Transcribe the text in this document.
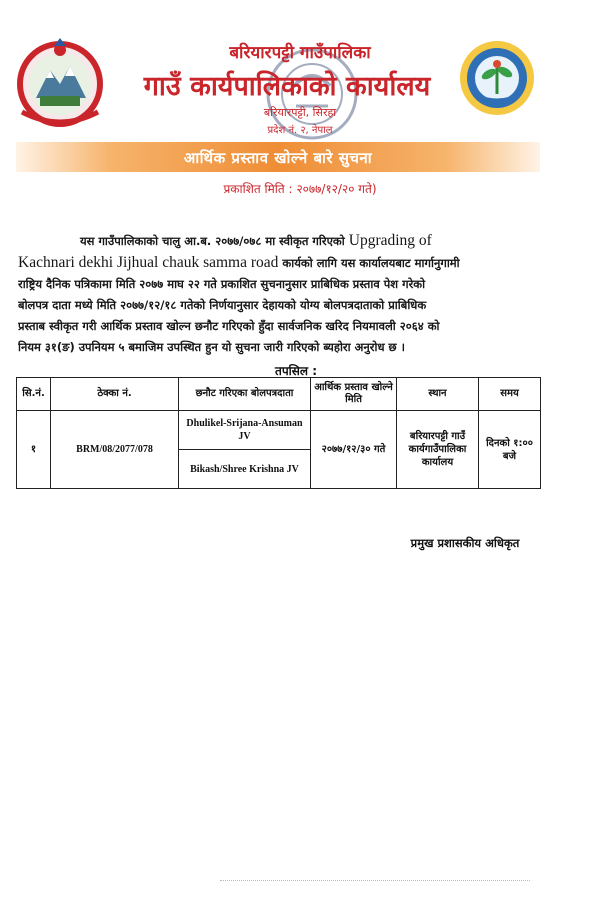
बरियारपट्टी गाउँपालिका
गाउँ कार्यपालिकाको कार्यालय
बरियारपट्टी, सिरहा
प्रदेश नं. २, नेपाल
आर्थिक प्रस्ताव खोल्ने बारे सुचना
प्रकाशित मिति : २०७७/१२/२० गते)
यस गाउँपालिकाको चालु आ.ब. २०७७/०७८ मा स्वीकृत गरिएको Upgrading of
Kachnari dekhi Jijhual chauk samma road कार्यको लागि यस कार्यालयबाट मार्गानुगामी
राष्ट्रिय दैनिक पत्रिकामा मिति २०७७ माघ २२ गते प्रकाशित सुचनानुसार प्राबिधिक प्रस्ताव पेश गरेको
बोलपत्र दाता मध्ये मिति २०७७/१२/१८ गतेको निर्णयानुसार देहायको योग्य बोलपत्रदाताको प्राबिधिक
प्रस्ताब स्वीकृत गरी आर्थिक प्रस्ताव खोल्न छनौट गरिएको हुँदा सार्वजनिक खरिद नियमावली २०६४ को
नियम ३१(ङ) उपनियम ५ बमाजिम उपस्थित हुन यो सुचना जारी गरिएको ब्यहोरा अनुरोध छ ।
तपसिल :
सि.नं.	ठेक्का नं.	छनौट गरिएका बोलपत्रदाता	आर्थिक प्रस्ताव खोल्ने मिति	स्थान	समय
१	BRM/08/2077/078	Dhulikel-Srijana-Ansuman JV	२०७७/१२/३० गते	बरियारपट्टी गाउँ कार्यगाउँपालिका कार्यालय	दिनको १:०० बजे
		Bikash/Shree Krishna JV			
प्रमुख प्रशासकीय अधिकृत
